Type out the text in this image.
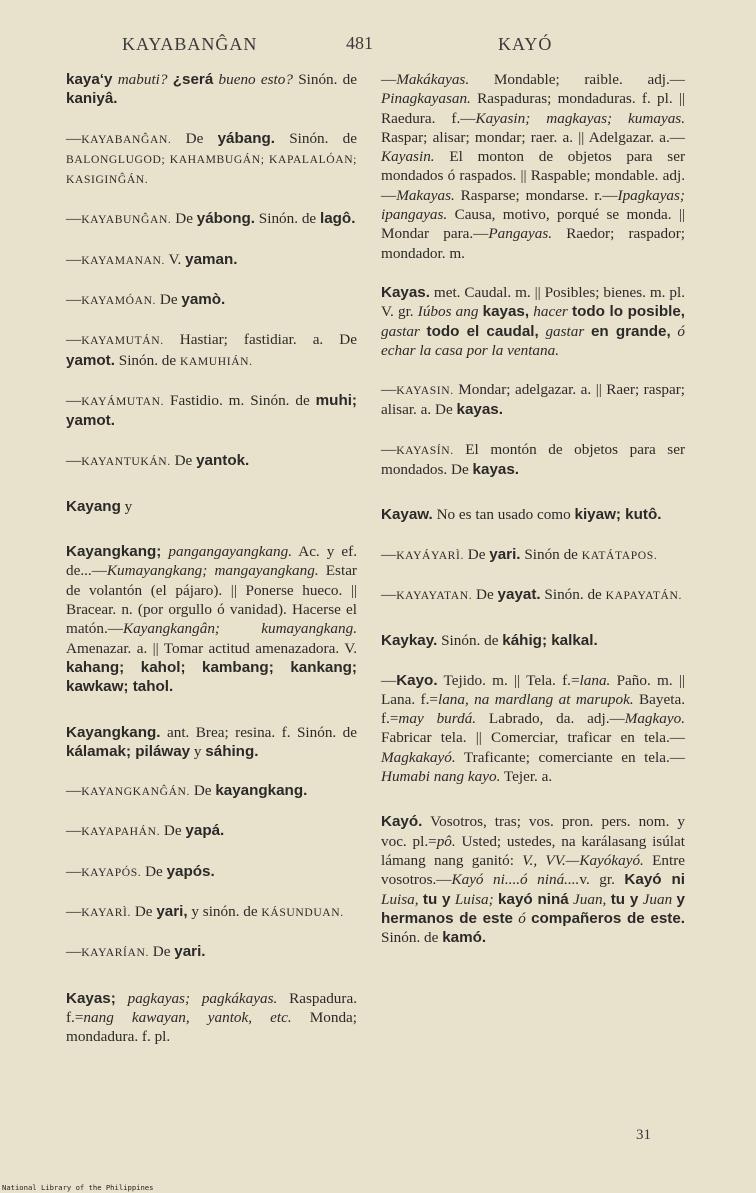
KAYABANĜAN	481	KAYÓ

kaya‘y mabuti? ¿será bueno esto? Sinón. de kaniyâ.

—KAYABANĜAN. De yábang. Sinón. de BALONGLUGOD; KAHAMBUGÁN; KAPALALÓAN; KASIGINĜÁN.

—KAYABUNĜAN. De yábong. Sinón. de lagô.

—KAYAMANAN. V. yaman.

—KAYAMÓAN. De yamò.

—KAYAMUTÁN. Hastiar; fastidiar. a. De yamot. Sinón. de KAMUHIÁN.

—KAYÁMUTAN. Fastidio. m. Sinón. de muhi; yamot.

—KAYANTUKÁN. De yantok.

Kayang y

Kayangkang; pangangayangkang. Ac. y ef. de...—Kumayangkang; mangayangkang. Estar de volantón (el pájaro). || Ponerse hueco. || Bracear. n. (por orgullo ó vanidad). Hacerse el matón.—Kayangkangân; kumayangkang. Amenazar. a. || Tomar actitud amenazadora. V. kahang; kahol; kambang; kankang; kawkaw; tahol.

Kayangkang. ant. Brea; resina. f. Sinón. de kálamak; piláway y sáhing.

—KAYANGKANĜÁN. De kayangkang.

—KAYAPAHÁN. De yapá.

—KAYAPÓS. De yapós.

—KAYARÌ. De yari, y sinón. de KÁSUNDUAN.

—KAYARÍAN. De yari.

Kayas; pagkayas; pagkákayas. Raspadura. f.=nang kawayan, yantok, etc. Monda; mondadura. f. pl.

—Makákayas. Mondable; raible. adj.—Pinagkayasan. Raspaduras; mondaduras. f. pl. || Raedura. f.—Kayasin; magkayas; kumayas. Raspar; alisar; mondar; raer. a. || Adelgazar. a.—Kayasin. El monton de objetos para ser mondados ó raspados. || Raspable; mondable. adj.—Makayas. Rasparse; mondarse. r.—Ipagkayas; ipangayas. Causa, motivo, porqué se monda. || Mondar para.—Pangayas. Raedor; raspador; mondador. m.

Kayas. met. Caudal. m. || Posibles; bienes. m. pl. V. gr. Iúbos ang kayas, hacer todo lo posible, gastar todo el caudal, gastar en grande, ó echar la casa por la ventana.

—KAYASIN. Mondar; adelgazar. a. || Raer; raspar; alisar. a. De kayas.

—KAYASÍN. El montón de objetos para ser mondados. De kayas.

Kayaw. No es tan usado como kiyaw; kutô.

—KAYÁYARÌ. De yari. Sinón de KATÁTAPOS.

—KAYAYATAN. De yayat. Sinón. de KAPAYATÁN.

Kaykay. Sinón. de káhig; kalkal.

—Kayo. Tejido. m. || Tela. f.=lana. Paño. m. || Lana. f.=lana, na mardlang at marupok. Bayeta. f.=may burdá. Labrado, da. adj.—Magkayo. Fabricar tela. || Comerciar, traficar en tela.—Magkakayó. Traficante; comerciante en tela.—Humabi nang kayo. Tejer. a.

Kayó. Vosotros, tras; vos. pron. pers. nom. y voc. pl.=pô. Usted; ustedes, na karálasang isúlat lámang nang ganitó: V., VV.—Kayókayó. Entre vosotros.—Kayó ni....ó niná....v. gr. Kayó ni Luisa, tu y Luisa; kayó niná Juan, tu y Juan y hermanos de este ó compañeros de este. Sinón. de kamó.

31
National Library of the Philippines
